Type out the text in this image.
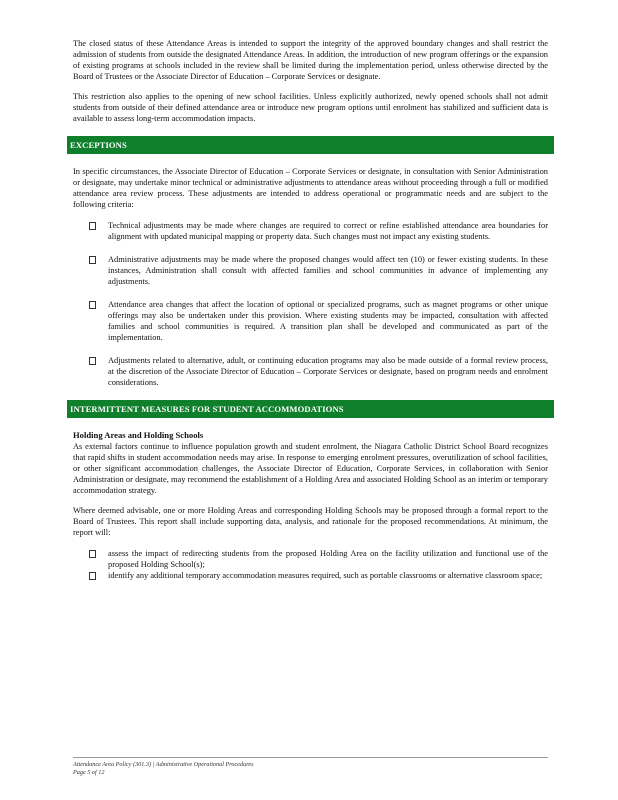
The closed status of these Attendance Areas is intended to support the integrity of the approved boundary changes and shall restrict the admission of students from outside the designated Attendance Areas. In addition, the introduction of new program offerings or the expansion of existing programs at schools included in the review shall be limited during the implementation period, unless otherwise directed by the Board of Trustees or the Associate Director of Education – Corporate Services or designate.

This restriction also applies to the opening of new school facilities. Unless explicitly authorized, newly opened schools shall not admit students from outside of their defined attendance area or introduce new program options until enrolment has stabilized and sufficient data is available to assess long-term accommodation impacts.

EXCEPTIONS

In specific circumstances, the Associate Director of Education – Corporate Services or designate, in consultation with Senior Administration or designate, may undertake minor technical or administrative adjustments to attendance areas without proceeding through a full or modified attendance area review process. These adjustments are intended to address operational or programmatic needs and are subject to the following criteria:

Technical adjustments may be made where changes are required to correct or refine established attendance area boundaries for alignment with updated municipal mapping or property data. Such changes must not impact any existing students.
Administrative adjustments may be made where the proposed changes would affect ten (10) or fewer existing students. In these instances, Administration shall consult with affected families and school communities in advance of implementing any adjustments.
Attendance area changes that affect the location of optional or specialized programs, such as magnet programs or other unique offerings may also be undertaken under this provision. Where existing students may be impacted, consultation with affected families and school communities is required. A transition plan shall be developed and communicated as part of the implementation.
Adjustments related to alternative, adult, or continuing education programs may also be made outside of a formal review process, at the discretion of the Associate Director of Education – Corporate Services or designate, based on program needs and enrolment considerations.
INTERMITTENT MEASURES FOR STUDENT ACCOMMODATIONS

Holding Areas and Holding Schools

As external factors continue to influence population growth and student enrolment, the Niagara Catholic District School Board recognizes that rapid shifts in student accommodation needs may arise. In response to emerging enrolment pressures, overutilization of school facilities, or other significant accommodation challenges, the Associate Director of Education, Corporate Services, in collaboration with Senior Administration or designate, may recommend the establishment of a Holding Area and associated Holding School as an interim or temporary accommodation strategy.

Where deemed advisable, one or more Holding Areas and corresponding Holding Schools may be proposed through a formal report to the Board of Trustees. This report shall include supporting data, analysis, and rationale for the proposed recommendations. At minimum, the report will:

assess the impact of redirecting students from the proposed Holding Area on the facility utilization and functional use of the proposed Holding School(s);
identify any additional temporary accommodation measures required, such as portable classrooms or alternative classroom space;
Attendance Area Policy (301.3) | Administrative Operational Procedures
Page 5 of 12
